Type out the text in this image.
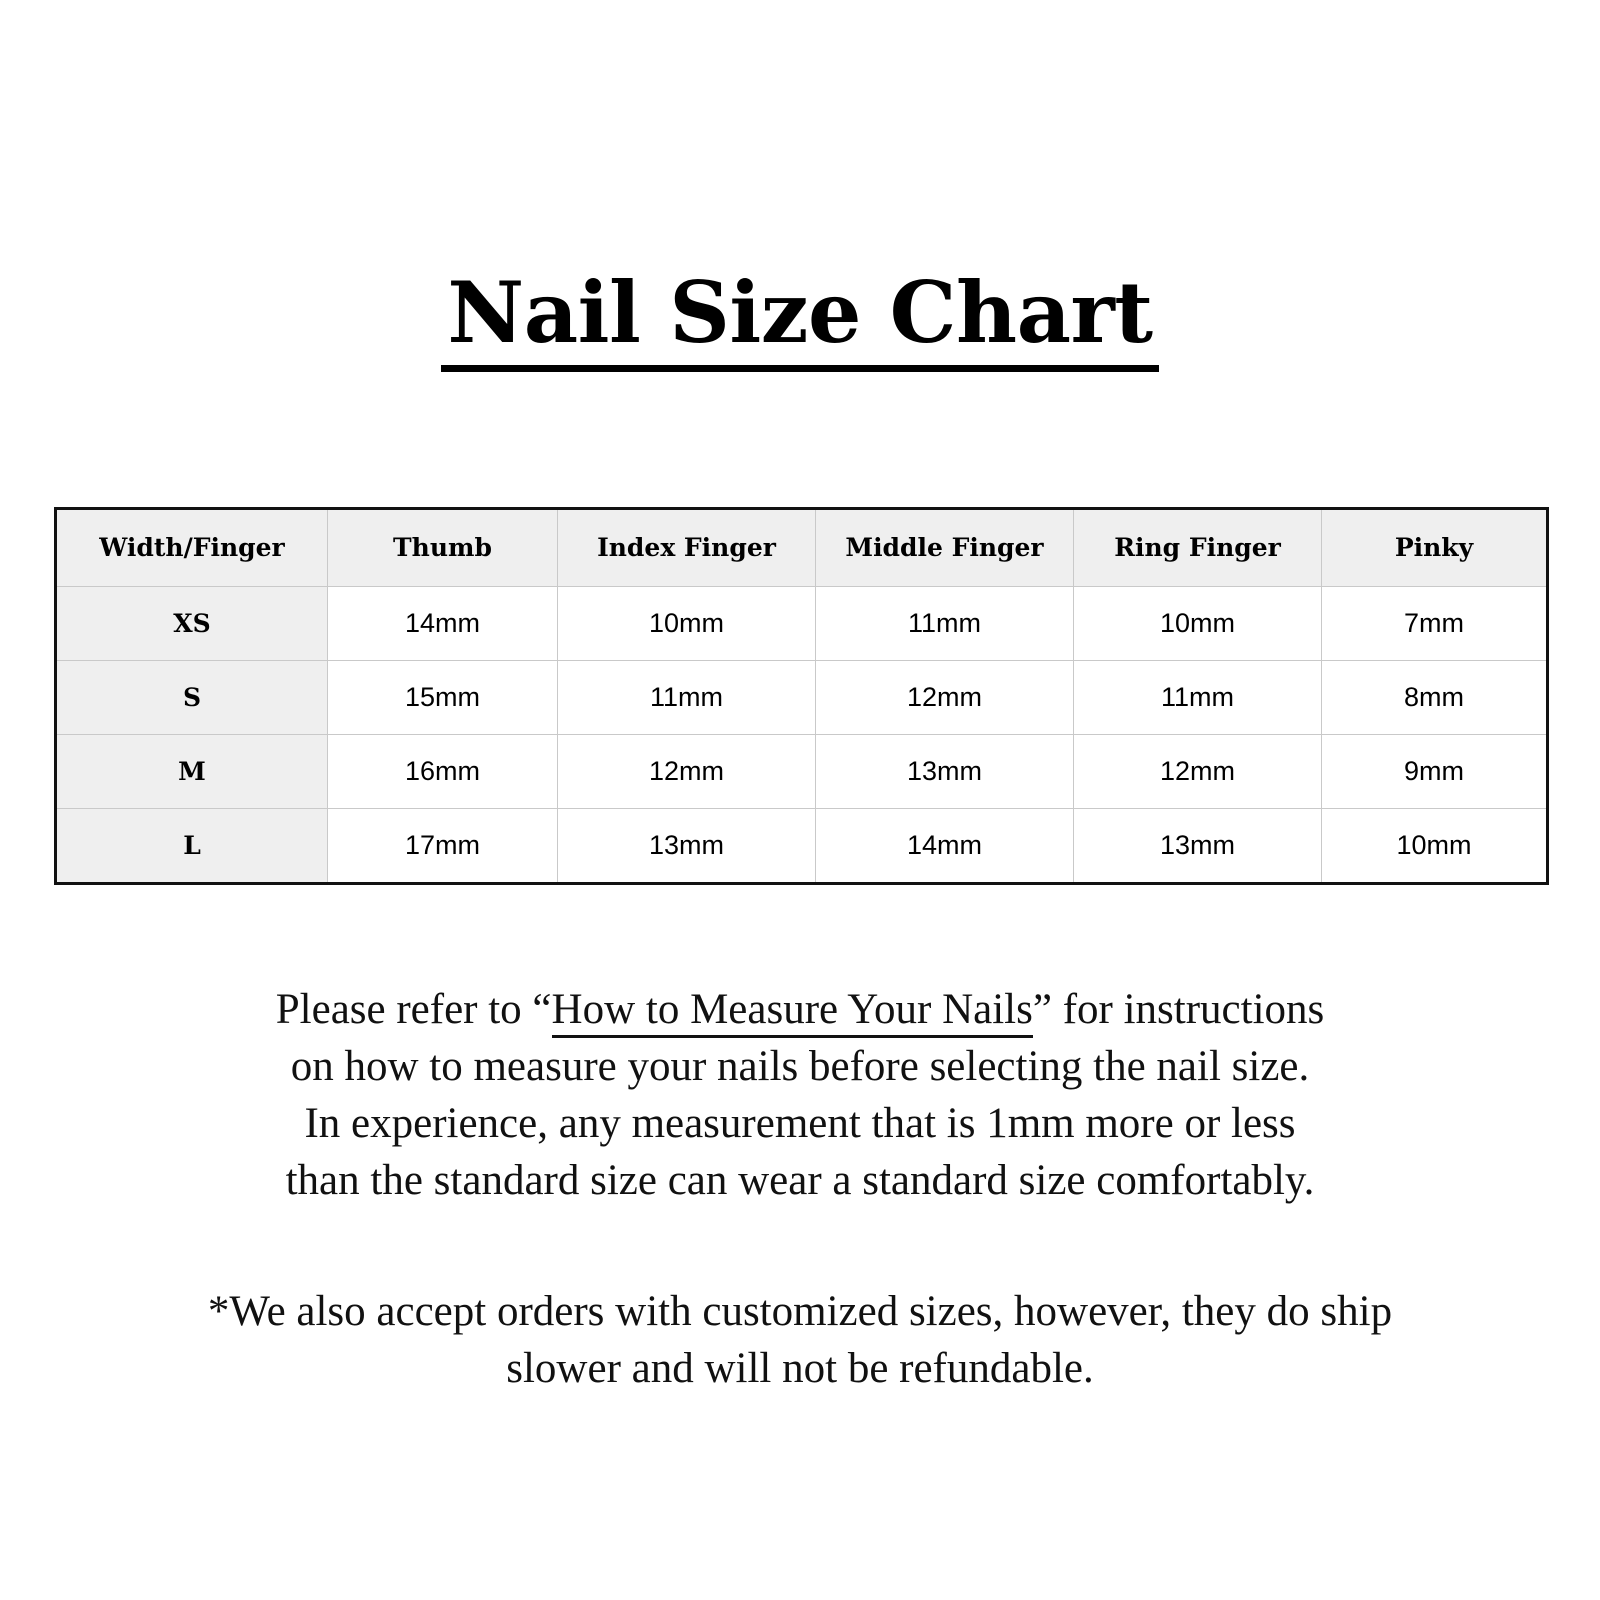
Nail Size Chart
Width/Finger	Thumb	Index Finger	Middle Finger	Ring Finger	Pinky
XS	14mm	10mm	11mm	10mm	7mm
S	15mm	11mm	12mm	11mm	8mm
M	16mm	12mm	13mm	12mm	9mm
L	17mm	13mm	14mm	13mm	10mm
Please refer to “How to Measure Your Nails” for instructions
on how to measure your nails before selecting the nail size.
In experience, any measurement that is 1mm more or less
than the standard size can wear a standard size comfortably.
*We also accept orders with customized sizes, however, they do ship slower and will not be refundable.
